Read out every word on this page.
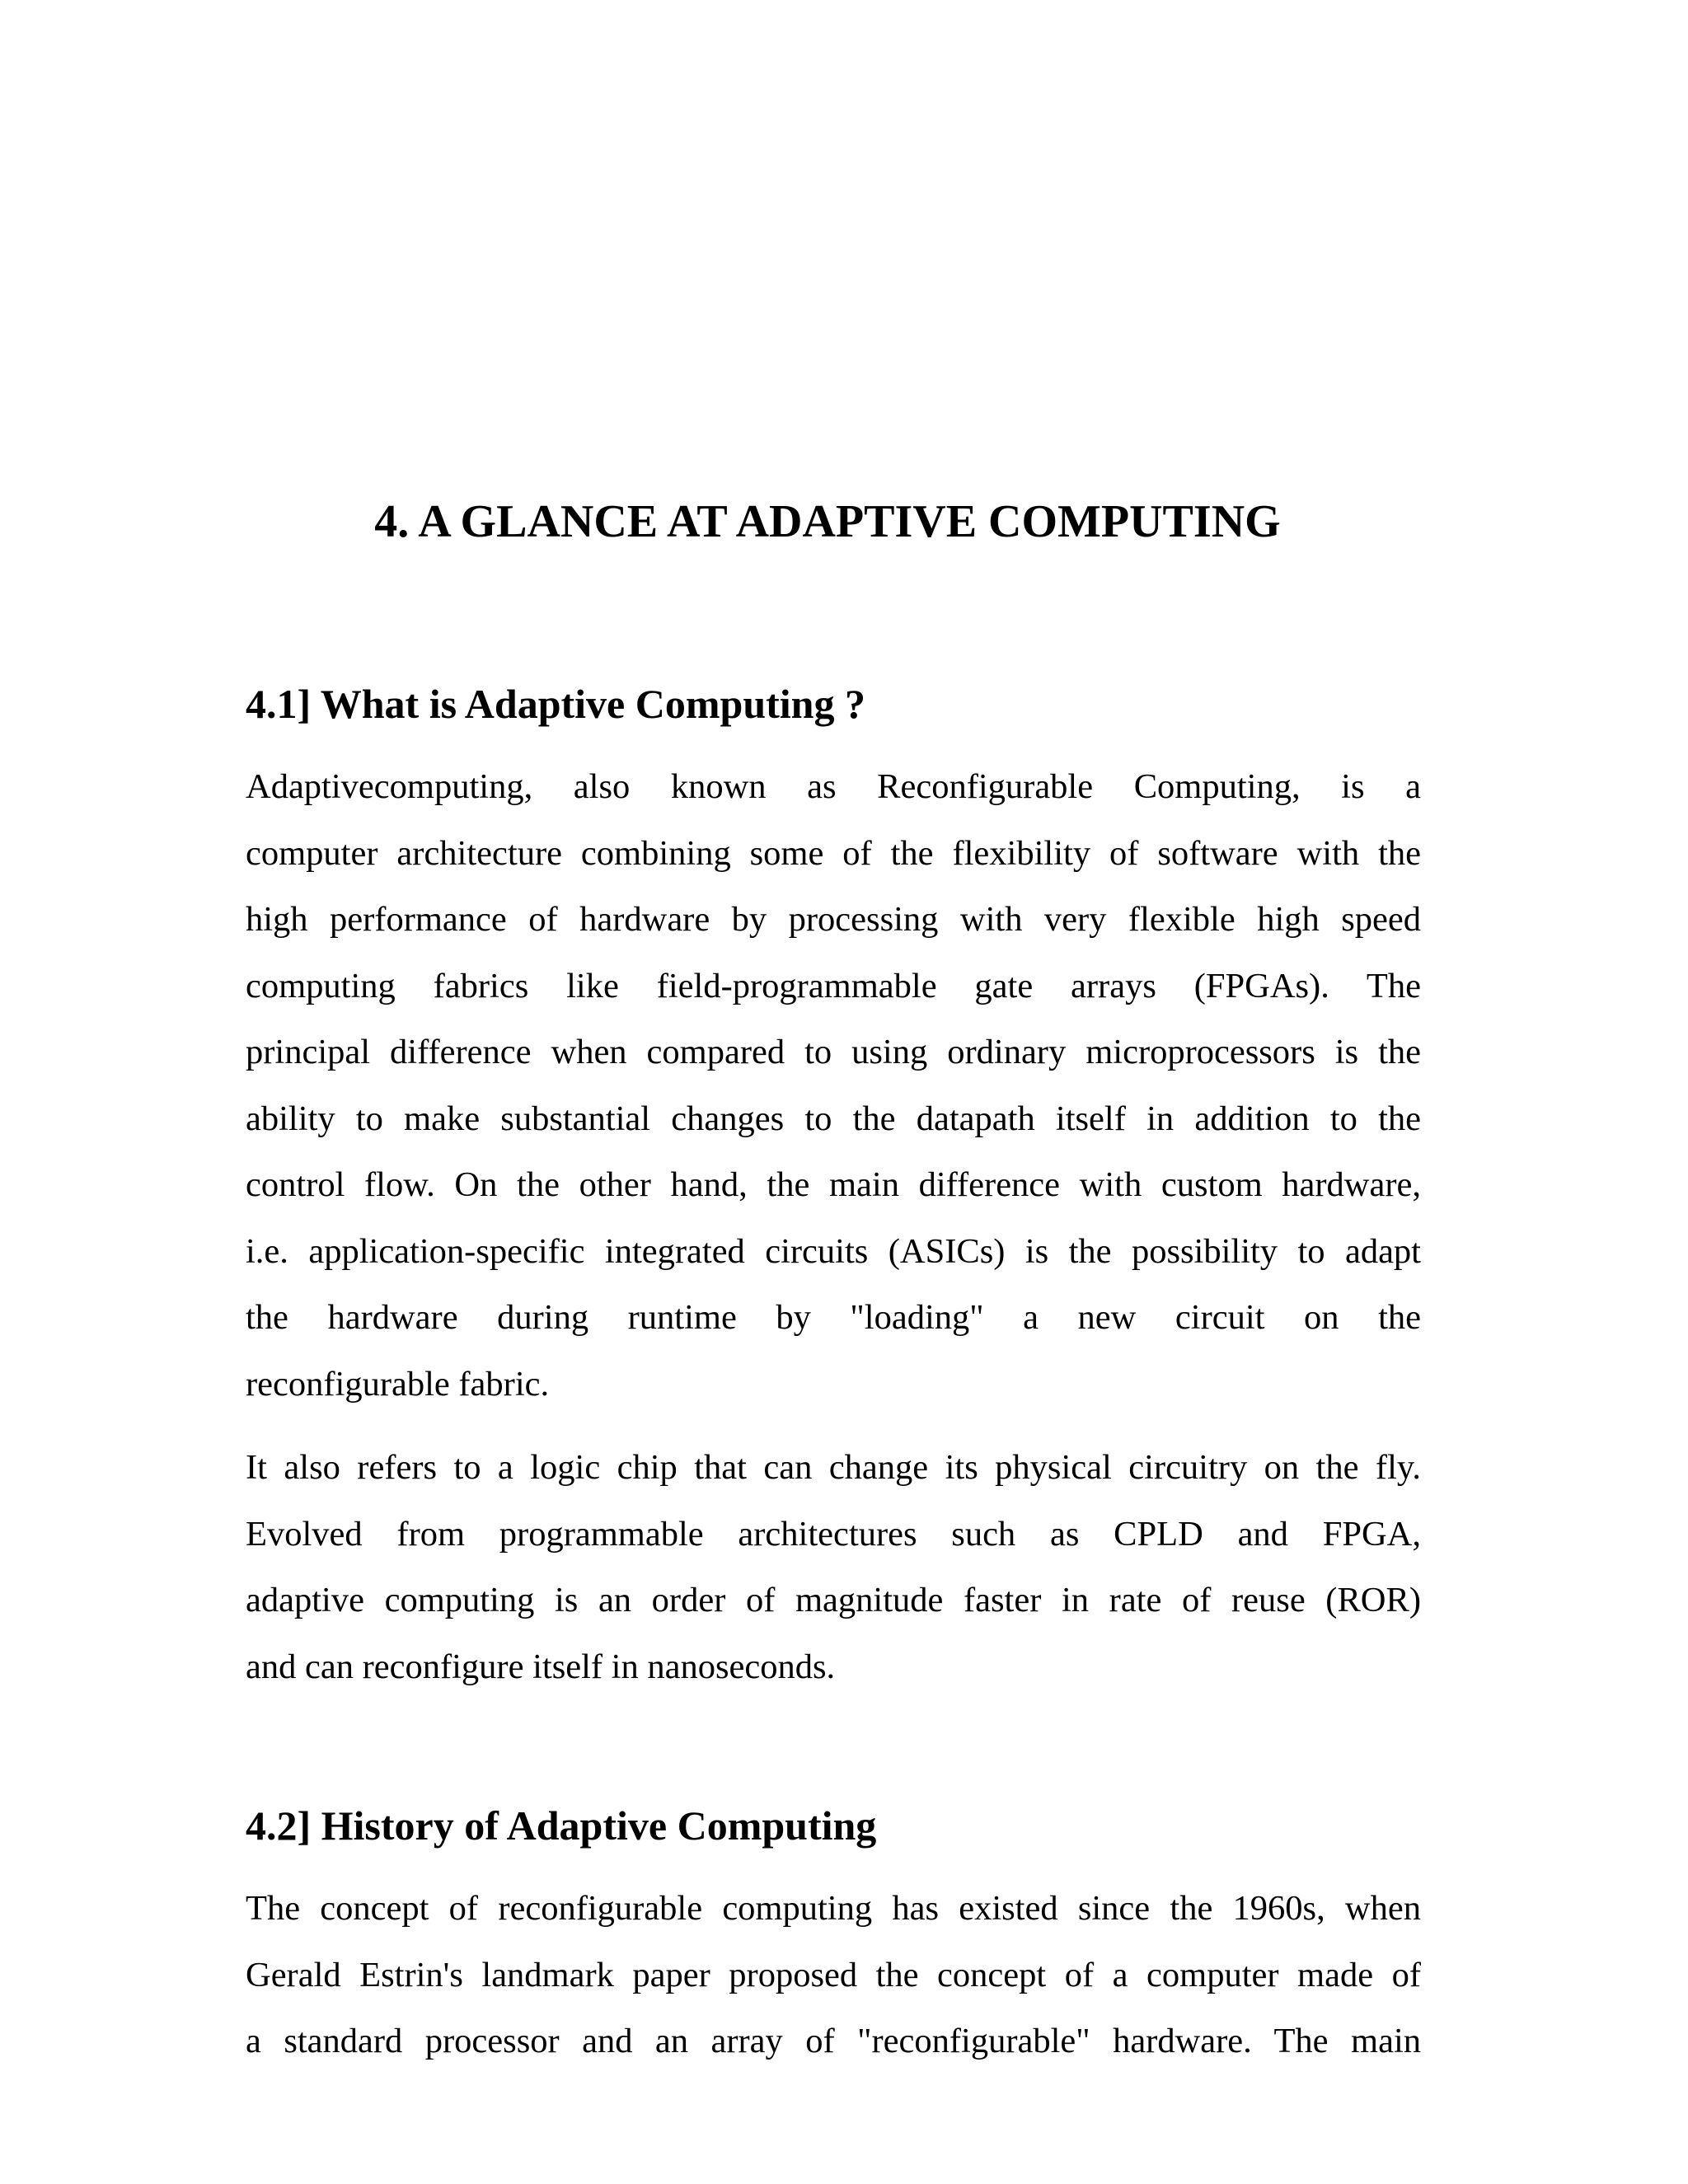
4. A GLANCE AT ADAPTIVE COMPUTING
4.1] What is Adaptive Computing ?

Adaptivecomputing, also known as Reconfigurable Computing, is a
computer architecture combining some of the flexibility of software with the
high performance of hardware by processing with very flexible high speed
computing fabrics like field-programmable gate arrays (FPGAs). The
principal difference when compared to using ordinary microprocessors is the
ability to make substantial changes to the datapath itself in addition to the
control flow. On the other hand, the main difference with custom hardware,
i.e. application-specific integrated circuits (ASICs) is the possibility to adapt
the hardware during runtime by "loading" a new circuit on the
reconfigurable fabric.

It also refers to a logic chip that can change its physical circuitry on the fly.
Evolved from programmable architectures such as CPLD and FPGA,
adaptive computing is an order of magnitude faster in rate of reuse (ROR)
and can reconfigure itself in nanoseconds.

4.2] History of Adaptive Computing

The concept of reconfigurable computing has existed since the 1960s, when
Gerald Estrin's landmark paper proposed the concept of a computer made of
a standard processor and an array of "reconfigurable" hardware. The main
